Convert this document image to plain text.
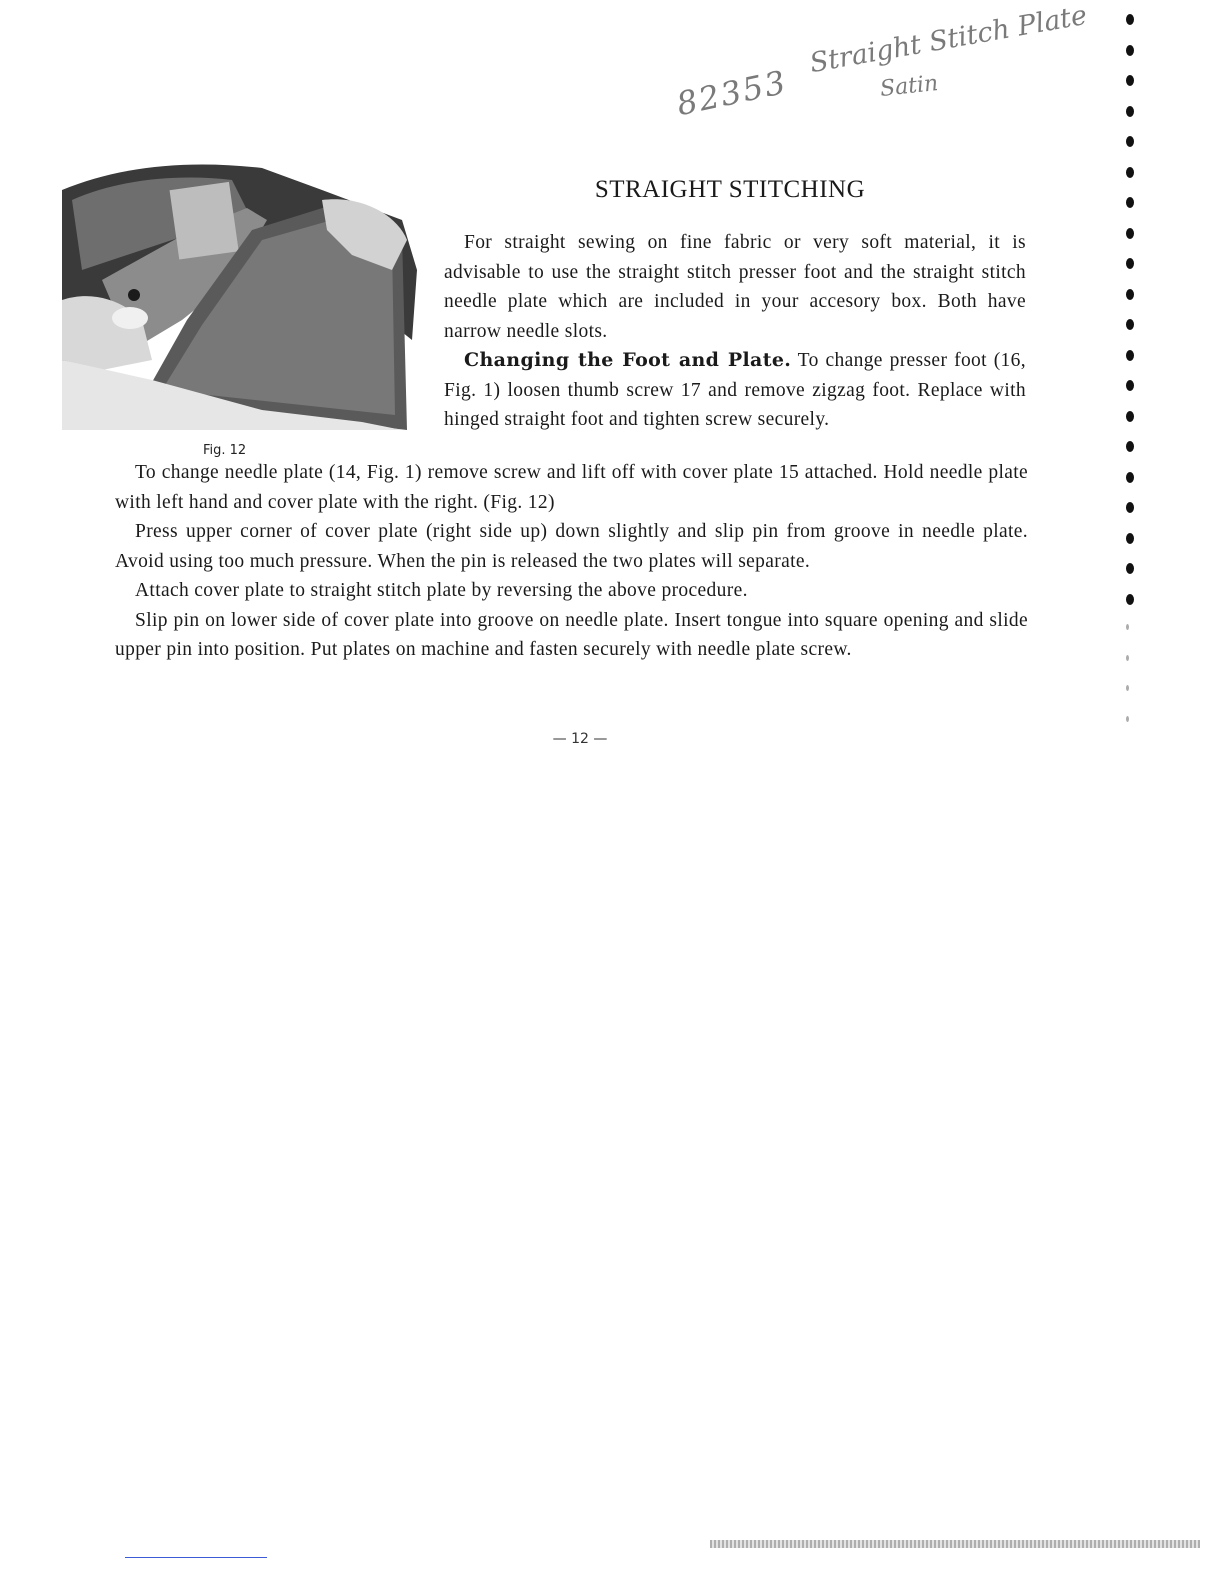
82353
Straight Stitch Plate
Satin
Fig. 12
STRAIGHT STITCHING

For straight sewing on fine fabric or very soft material, it is advisable to use the straight stitch presser foot and the straight stitch needle plate which are included in your accesory box. Both have narrow needle slots.

Changing the Foot and Plate. To change presser foot (16, Fig. 1) loosen thumb screw 17 and remove zigzag foot. Replace with hinged straight foot and tighten screw securely.

To change needle plate (14, Fig. 1) remove screw and lift off with cover plate 15 attached. Hold needle plate with left hand and cover plate with the right. (Fig. 12)

Press upper corner of cover plate (right side up) down slightly and slip pin from groove in needle plate. Avoid using too much pressure. When the pin is released the two plates will separate.

Attach cover plate to straight stitch plate by reversing the above procedure.

Slip pin on lower side of cover plate into groove on needle plate. Insert tongue into square opening and slide upper pin into position. Put plates on machine and fasten securely with needle plate screw.

— 12 —
